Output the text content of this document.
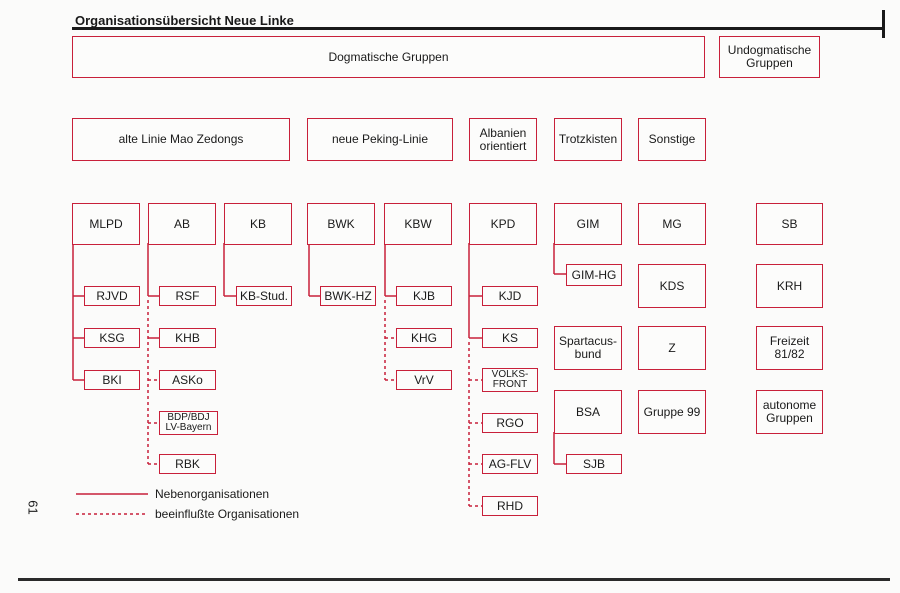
Organisationsübersicht Neue Linke
Dogmatische Gruppen	Undogmatische
Gruppen
alte Linie Mao Zedongs	neue Peking-Linie	Albanien
orientiert	Trotzkisten	Sonstige
MLPD	AB	KB	BWK	KBW	KPD	GIM	MG	SB
RJVD
KSG
BKI
RSF
KHB
ASKo
BDP/BDJ
LV-Bayern
RBK
KB-Stud.	BWK-HZ	KJB
KHG
VrV
KJD
KS
VOLKS-
FRONT
RGO
AG-FLV
RHD
GIM-HG
Spartacus-
bund
BSA
SJB
KDS
Z
Gruppe 99
KRH
Freizeit
81/82
autonome
Gruppen
Nebenorganisationen
beeinflußte Organisationen
61
